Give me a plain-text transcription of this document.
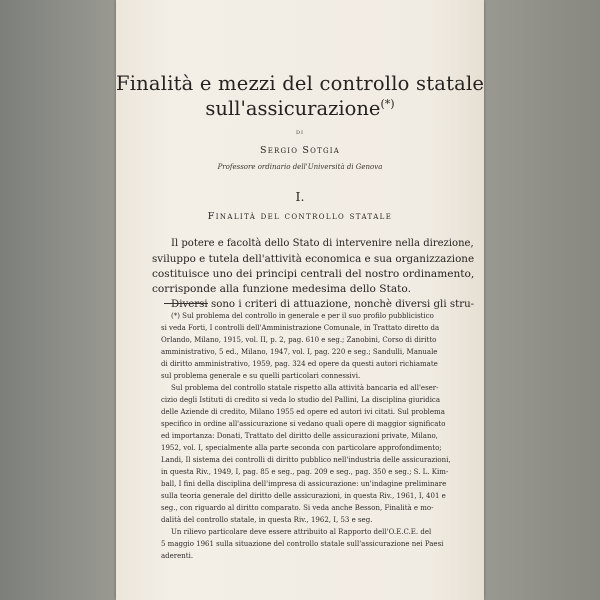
Finalità e mezzi del controllo statale
sull'assicurazione(*)
DI
Sergio Sotgia
Professore ordinario dell'Università di Genova
I.
Finalità del controllo statale
Il potere e facoltà dello Stato di intervenire nella direzione,
sviluppo e tutela dell'attività economica e sua organizzazione
costituisce uno dei principi centrali del nostro ordinamento,
corrisponde alla funzione medesima dello Stato.
Diversi sono i criteri di attuazione, nonchè diversi gli stru-
(*) Sul problema del controllo in generale e per il suo profilo pubblicistico
si veda Forti, I controlli dell'Amministrazione Comunale, in Trattato diretto da
Orlando, Milano, 1915, vol. II, p. 2, pag. 610 e seg.; Zanobini, Corso di diritto
amministrativo, 5 ed., Milano, 1947, vol. I, pag. 220 e seg.; Sandulli, Manuale
di diritto amministrativo, 1959, pag. 324 ed opere da questi autori richiamate
sul problema generale e su quelli particolari connessivi.
Sul problema del controllo statale rispetto alla attività bancaria ed all'eser-
cizio degli Istituti di credito si veda lo studio del Pallini, La disciplina giuridica
delle Aziende di credito, Milano 1955 ed opere ed autori ivi citati. Sul problema
specifico in ordine all'assicurazione si vedano quali opere di maggior significato
ed importanza: Donati, Trattato del diritto delle assicurazioni private, Milano,
1952, vol. I, specialmente alla parte seconda con particolare approfondimento;
Landi, Il sistema dei controlli di diritto pubblico nell'industria delle assicurazioni,
in questa Riv., 1949, I, pag. 85 e seg., pag. 209 e seg., pag. 350 e seg.; S. L. Kim-
ball, I fini della disciplina dell'impresa di assicurazione: un'indagine preliminare
sulla teoria generale del diritto delle assicurazioni, in questa Riv., 1961, I, 401 e
seg., con riguardo al diritto comparato. Si veda anche Besson, Finalità e mo-
dalità del controllo statale, in questa Riv., 1962, I, 53 e seg.
Un rilievo particolare deve essere attribuito al Rapporto dell'O.E.C.E. del
5 maggio 1961 sulla situazione del controllo statale sull'assicurazione nei Paesi
aderenti.
